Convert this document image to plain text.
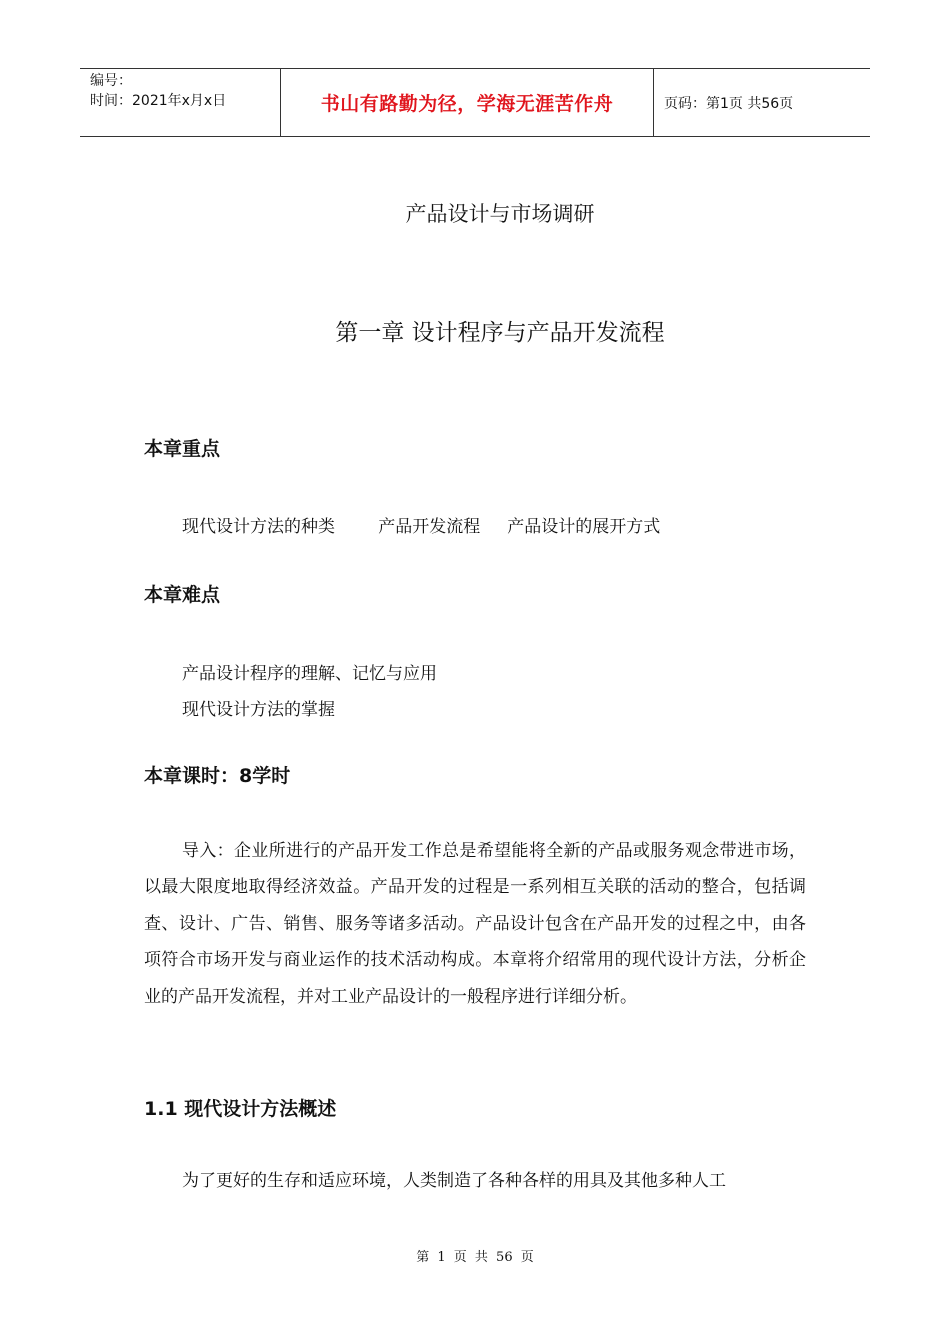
编号：
时间：2021年x月x日	书山有路勤为径，学海无涯苦作舟	页码：第1页 共56页
产品设计与市场调研
第一章 设计程序与产品开发流程
本章重点
现代设计方法的种类        产品开发流程     产品设计的展开方式
本章难点
产品设计程序的理解、记忆与应用
现代设计方法的掌握
本章课时：8学时
导入：企业所进行的产品开发工作总是希望能将全新的产品或服务观念带进市场，以最大限度地取得经济效益。产品开发的过程是一系列相互关联的活动的整合，包括调查、设计、广告、销售、服务等诸多活动。产品设计包含在产品开发的过程之中，由各项符合市场开发与商业运作的技术活动构成。本章将介绍常用的现代设计方法，分析企业的产品开发流程，并对工业产品设计的一般程序进行详细分析。
1.1 现代设计方法概述
为了更好的生存和适应环境，人类制造了各种各样的用具及其他多种人工
第 1 页 共 56 页
